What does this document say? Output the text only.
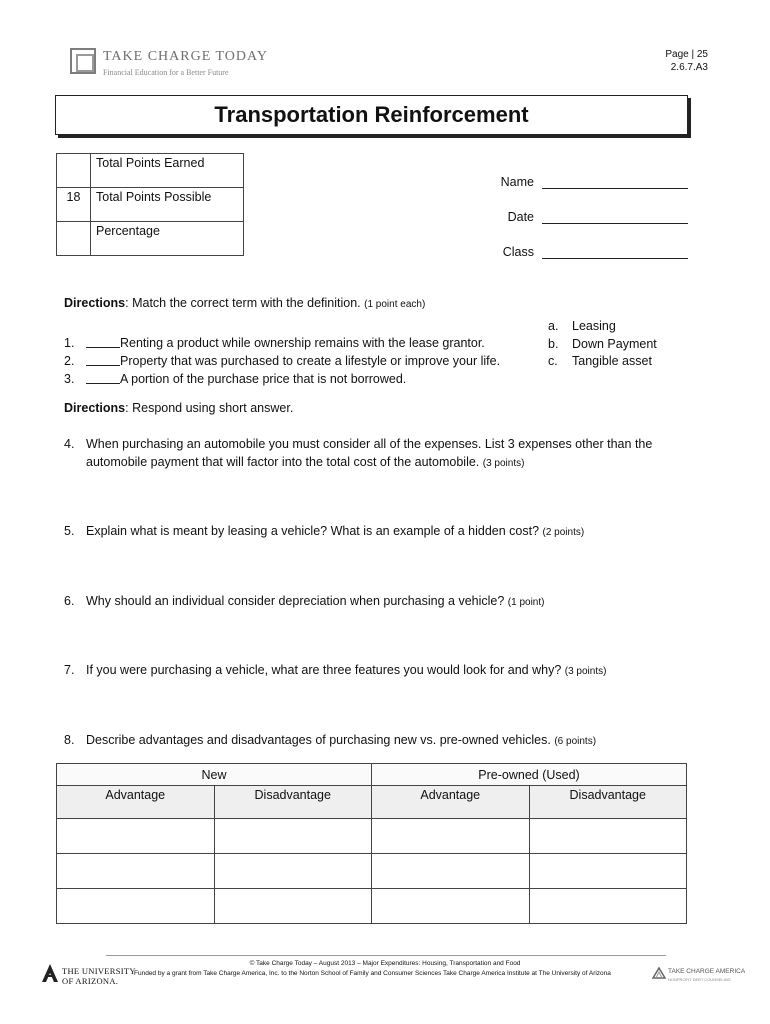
TAKE CHARGE TODAY
Financial Education for a Better Future
Page | 25
2.6.7.A3
Transportation Reinforcement
	Total Points Earned
18	Total Points Possible
	Percentage
Name
Date
Class
Directions: Match the correct term with the definition. (1 point each)
1.	Renting a product while ownership remains with the lease grantor.
2.	Property that was purchased to create a lifestyle or improve your life.
3.	A portion of the purchase price that is not borrowed.
a.	Leasing
b.	Down Payment
c.	Tangible asset
Directions: Respond using short answer.
4. When purchasing an automobile you must consider all of the expenses. List 3 expenses other than the automobile payment that will factor into the total cost of the automobile. (3 points)
5. Explain what is meant by leasing a vehicle? What is an example of a hidden cost? (2 points)
6. Why should an individual consider depreciation when purchasing a vehicle? (1 point)
7. If you were purchasing a vehicle, what are three features you would look for and why? (3 points)
8. Describe advantages and disadvantages of purchasing new vs. pre-owned vehicles. (6 points)
New		Pre-owned (Used)	
Advantage	Disadvantage	Advantage	Disadvantage

© Take Charge Today – August 2013 – Major Expenditures: Housing, Transportation and Food
Funded by a grant from Take Charge America, Inc. to the Norton School of Family and Consumer Sciences Take Charge America Institute at The University of Arizona
THE UNIVERSITY
OF ARIZONA.
TAKE CHARGE AMERICA
NONPROFIT DEBT COUNSELING
